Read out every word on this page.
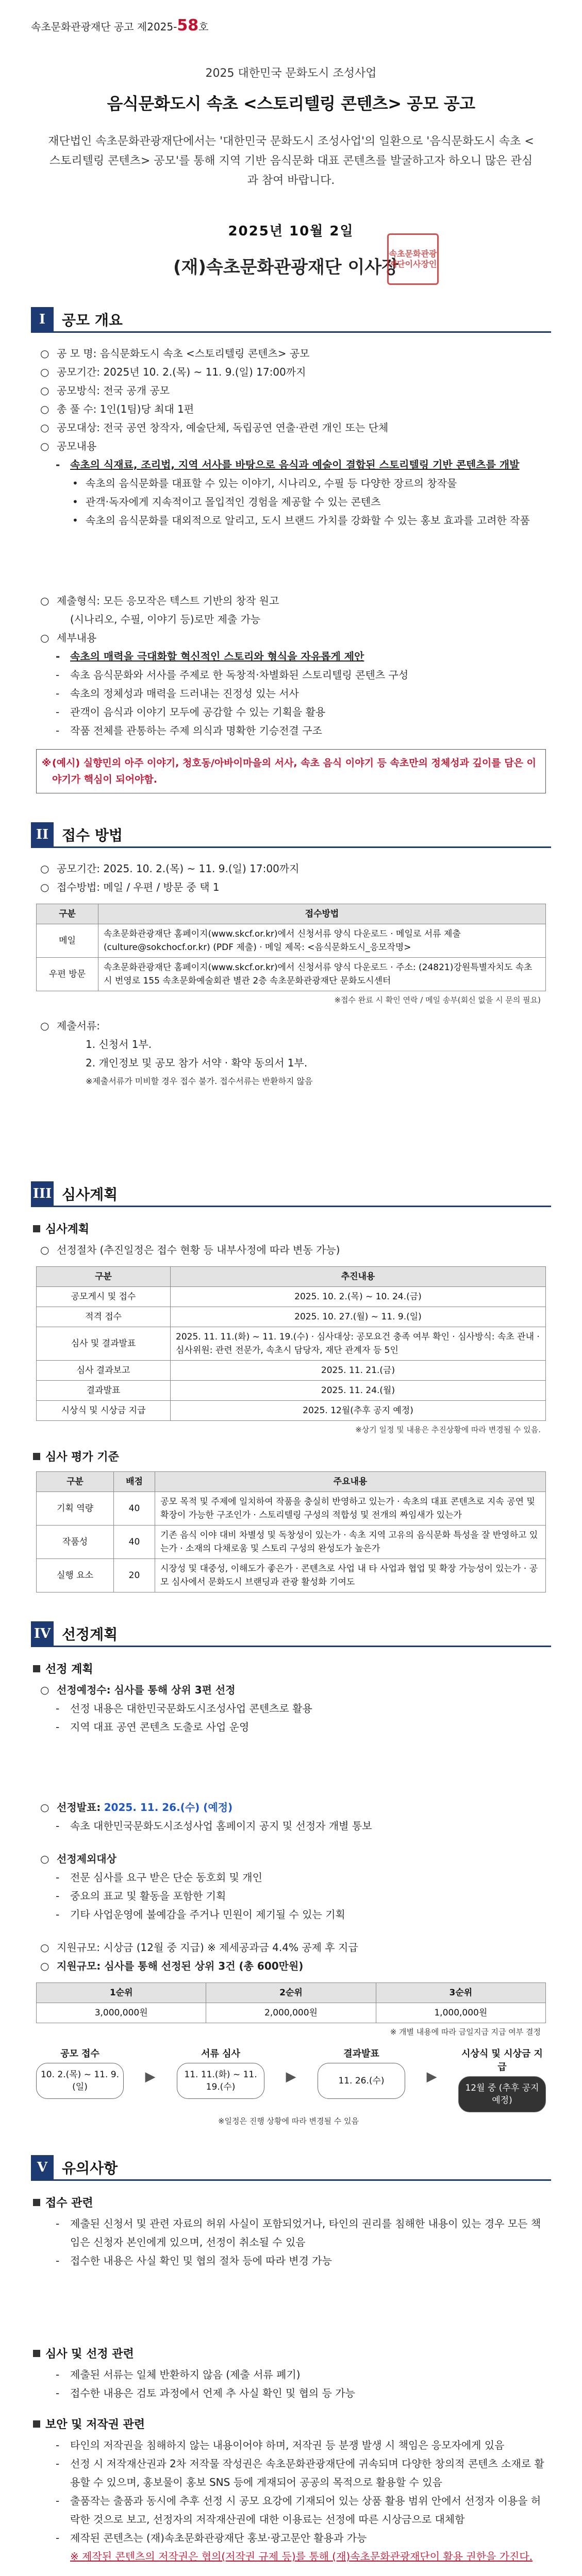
속초문화관광재단 공고 제2025-58호
2025 대한민국 문화도시 조성사업
음식문화도시 속초 <스토리텔링 콘텐츠> 공모 공고
재단법인 속초문화관광재단에서는 '대한민국 문화도시 조성사업'의 일환으로 '음식문화도시 속초 <스토리텔링 콘텐츠> 공모'를 통해 지역 기반 음식문화 대표 콘텐츠를 발굴하고자 하오니 많은 관심과 참여 바랍니다.
2025년 10월 2일
(재)속초문화관광재단 이사장
속초문화관광재단이사장인
I	공모 개요
○ 공 모 명: 음식문화도시 속초 <스토리텔링 콘텐츠> 공모
○ 공모기간: 2025년 10. 2.(목) ~ 11. 9.(일) 17:00까지
○ 공모방식: 전국 공개 공모
○ 총 풀 수: 1인(1팀)당 최대 1편
○ 공모대상: 전국 공연 창작자, 예술단체, 독립공연 연출·관련 개인 또는 단체
○ 공모내용
- 속초의 식재료, 조리법, 지역 서사를 바탕으로 음식과 예술이 결합된 스토리텔링 기반 콘텐츠를 개발
• 속초의 음식문화를 대표할 수 있는 이야기, 시나리오, 수필 등 다양한 장르의 창작물
• 관객·독자에게 지속적이고 몰입적인 경험을 제공할 수 있는 콘텐츠
• 속초의 음식문화를 대외적으로 알리고, 도시 브랜드 가치를 강화할 수 있는 홍보 효과를 고려한 작품
○ 제출형식: 모든 응모작은 텍스트 기반의 창작 원고
(시나리오, 수필, 이야기 등)로만 제출 가능
○ 세부내용
- 속초의 매력을 극대화할 혁신적인 스토리와 형식을 자유롭게 제안
- 속초 음식문화와 서사를 주제로 한 독창적·차별화된 스토리텔링 콘텐츠 구성
- 속초의 정체성과 매력을 드러내는 진정성 있는 서사
- 관객이 음식과 이야기 모두에 공감할 수 있는 기획을 활용
- 작품 전체를 관통하는 주제 의식과 명확한 기승전결 구조
※ (예시) 실향민의 아주 이야기, 청호동/아바이마을의 서사, 속초 음식 이야기 등 속초만의 정체성과 깊이를 담은 이야기가 핵심이 되어야함.
II 접수 방법
○ 공모기간: 2025. 10. 2.(목) ~ 11. 9.(일) 17:00까지
○ 접수방법: 메일 / 우편 / 방문 중 택 1
구분	접수방법
메일	속초문화관광재단 홈페이지(www.skcf.or.kr)에서 신청서류 양식 다운로드 · 메일로 서류 제출(culture@sokchocf.or.kr) (PDF 제출) · 메일 제목: <음식문화도시_응모작명>
우편 방문	속초문화관광재단 홈페이지(www.skcf.or.kr)에서 신청서류 양식 다운로드 · 주소: (24821)강원특별자치도 속초시 번영로 155 속초문화예술회관 별관 2층 속초문화관광재단 문화도시센터
※접수 완료 시 확인 연락 / 메일 송부(회신 없을 시 문의 필요)
○ 제출서류:
1. 신청서 1부.
2. 개인정보 및 공모 참가 서약 · 확약 동의서 1부.
※제출서류가 미비할 경우 접수 불가. 접수서류는 반환하지 않음
III 심사계획
심사계획
○ 선정절차 (추진일정은 접수 현황 등 내부사정에 따라 변동 가능)
구분	추진내용
공모게시 및 접수	2025. 10. 2.(목) ~ 10. 24.(금)
적격 접수	2025. 10. 27.(월) ~ 11. 9.(일)
심사 및 결과발표	2025. 11. 11.(화) ~ 11. 19.(수) · 심사대상: 공모요건 충족 여부 확인 · 심사방식: 속초 관내 · 심사위원: 관련 전문가, 속초시 담당자, 재단 관계자 등 5인
심사 결과보고	2025. 11. 21.(금)
결과발표	2025. 11. 24.(월)
시상식 및 시상금 지급	2025. 12월(추후 공지 예정)
※상기 일정 및 내용은 추진상황에 따라 변경될 수 있음.
심사 평가 기준
구분	배점	주요내용
기획 역량	40	공모 목적 및 주제에 일치하여 작품을 충실히 반영하고 있는가 · 속초의 대표 콘텐츠로 지속 공연 및 확장이 가능한 구조인가 · 스토리텔링 구성의 적합성 및 전개의 짜임새가 있는가
작품성	40	기존 음식 이야 대비 차별성 및 독창성이 있는가 · 속초 지역 고유의 음식문화 특성을 잘 반영하고 있는가 · 소재의 다채로움 및 스토리 구성의 완성도가 높은가
실행 요소	20	시장성 및 대중성, 이해도가 좋은가 · 콘텐츠로 사업 내 타 사업과 협업 및 확장 가능성이 있는가 · 공모 심사에서 문화도시 브랜딩과 관광 활성화 기여도
IV 선정계획
선정 계획
○ 선정예정수: 심사를 통해 상위 3편 선정
- 선정 내용은 대한민국문화도시조성사업 콘텐츠로 활용
- 지역 대표 공연 콘텐츠 도출로 사업 운영
○ 선정발표: 2025. 11. 26.(수) (예정)
- 속초 대한민국문화도시조성사업 홈페이지 공지 및 선정자 개별 통보
○ 선정제외대상
- 전문 심사를 요구 받은 단순 동호회 및 개인
- 중요의 표교 및 활동을 포함한 기획
- 기타 사업운영에 불예감을 주거나 민원이 제기될 수 있는 기획
○ 지원규모: 시상금 (12월 중 지급) ※ 제세공과금 4.4% 공제 후 지급
○ 지원규모: 심사를 통해 선정된 상위 3건 (총 600만원)
1순위	2순위	3순위
3,000,000원	2,000,000원	1,000,000원
※ 개별 내용에 따라 금일지급 지급 여부 결정
공모 접수
10. 2.(목) ~ 11. 9.(일)
▶
서류 심사
11. 11.(화) ~ 11. 19.(수)
▶
결과발표
11. 26.(수)	▶
시상식 및 시상금 지급
12월 중 (추후 공지 예정)
※일정은 진행 상황에 따라 변경될 수 있음
V 유의사항
접수 관련
- 제출된 신청서 및 관련 자료의 허위 사실이 포함되었거나, 타인의 권리를 침해한 내용이 있는 경우 모든 책임은 신청자 본인에게 있으며, 선정이 취소될 수 있음
- 접수한 내용은 사실 확인 및 협의 절차 등에 따라 변경 가능
심사 및 선정 관련
- 제출된 서류는 일체 반환하지 않음 (제출 서류 폐기)
- 접수한 내용은 검토 과정에서 언제 추 사실 확인 및 협의 등 가능
보안 및 저작권 관련
- 타인의 저작권을 침해하지 않는 내용이어야 하며, 저작권 등 분쟁 발생 시 책임은 응모자에게 있음
- 선정 시 저작재산권과 2차 저작물 작성권은 속초문화관광재단에 귀속되며 다양한 창의적 콘텐츠 소재로 활용할 수 있으며, 홍보물이 홍보 SNS 등에 게재되어 공공의 목적으로 활용할 수 있음
- 출품작는 출품과 동시에 추후 선정 시 공모 요강에 기재되어 있는 상품 활용 범위 안에서 선정자 이용을 허락한 것으로 보고, 선정자의 저작재산권에 대한 이용료는 선정에 따른 시상금으로 대체함
- 제작된 콘텐츠는 (재)속초문화관광재단 홍보·광고문안 활용과 가능
※ 제작된 콘텐츠의 저작권은 협의(저작권 규제 등)를 통해 (재)속초문화관광재단이 활용 권한을 가진다.
